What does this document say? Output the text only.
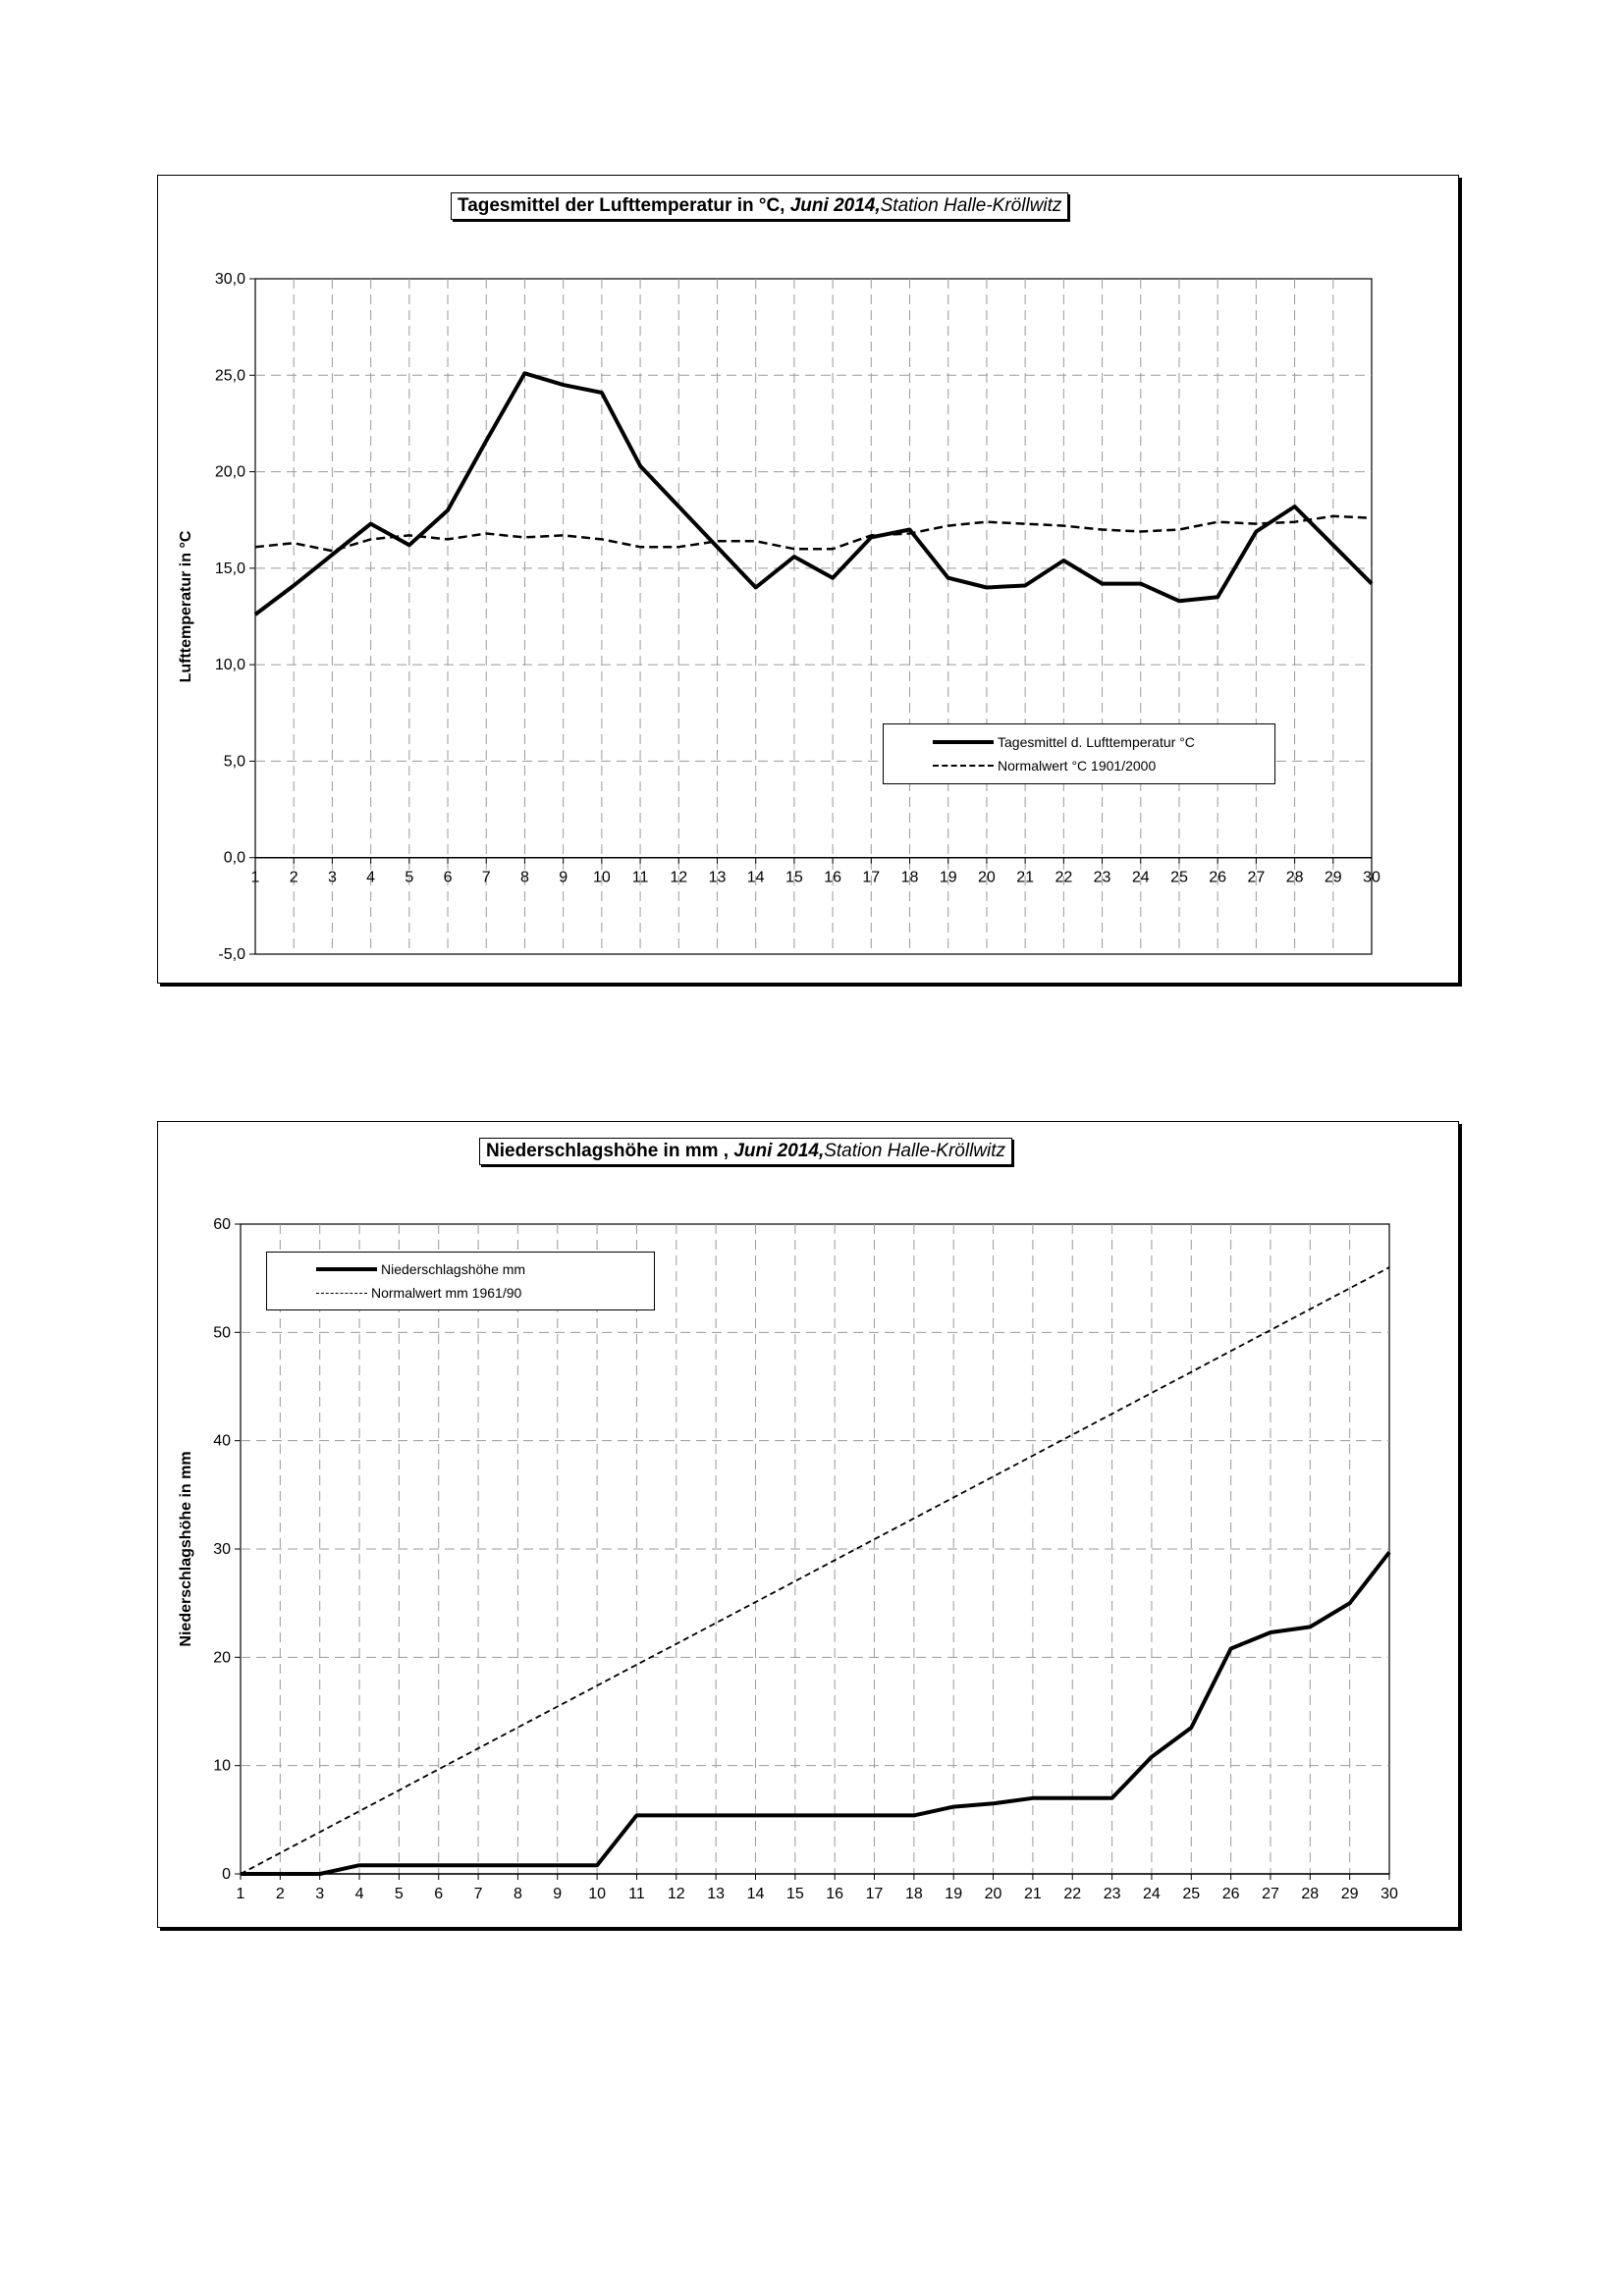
Tagesmittel der Lufttemperatur in °C, Juni 2014,Station Halle-Kröllwitz
30,0
25,0
20,0
15,0
10,0
5,0
0,0
-5,0
1 2 3 4 5 6 7 8 9 10 11 12 13 14 15 16 17 18 19 20 21 22 23 24 25 26 27 28 29 30
Lufttemperatur in °C
Tagesmittel d. Lufttemperatur °C
Normalwert °C 1901/2000
Niederschlagshöhe in mm , Juni 2014,Station Halle-Kröllwitz
60
50
40
30
20
10
0
1 2 3 4 5 6 7 8 9 10 11 12 13 14 15 16 17 18 19 20 21 22 23 24 25 26 27 28 29 30
Niederschlagshöhe in mm
Niederschlagshöhe mm
Normalwert mm 1961/90
